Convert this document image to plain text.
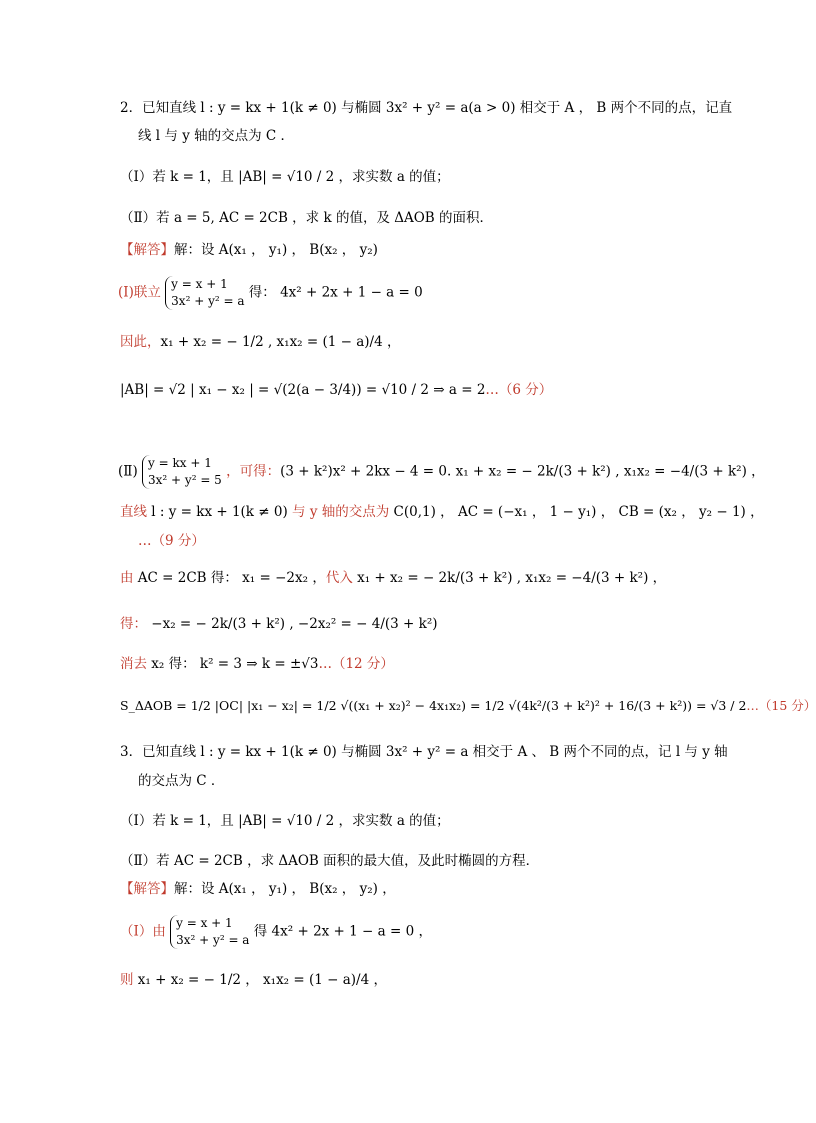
2．已知直线 l : y = kx + 1(k ≠ 0) 与椭圆 3x² + y² = a(a > 0) 相交于 A ， B 两个不同的点，记直
线 l 与 y 轴的交点为 C ．
（Ⅰ）若 k = 1，且 |AB| = √10 / 2 ，求实数 a 的值；
（Ⅱ）若 a = 5, AC = 2CB ，求 k 的值，及 ΔAOB 的面积．
【解答】解：设 A(x₁ ， y₁) ， B(x₂ ， y₂)
(Ⅰ)联立
y = x + 1
3x² + y² = a
得： 4x² + 2x + 1 − a = 0
因此，x₁ + x₂ = − 1/2 , x₁x₂ = (1 − a)/4 ，
|AB| = √2 | x₁ − x₂ | = √(2(a − 3/4)) = √10 / 2 ⇒ a = 2…（6 分）
(Ⅱ)
y = kx + 1
3x² + y² = 5
，可得：(3 + k²)x² + 2kx − 4 = 0. x₁ + x₂ = − 2k/(3 + k²) , x₁x₂ = −4/(3 + k²) ，
直线 l : y = kx + 1(k ≠ 0) 与 y 轴的交点为 C(0,1) ， AC = (−x₁ ， 1 − y₁) ， CB = (x₂ ， y₂ − 1) ，
…（9 分）
由 AC = 2CB 得： x₁ = −2x₂ ，代入 x₁ + x₂ = − 2k/(3 + k²) , x₁x₂ = −4/(3 + k²) ，
得： −x₂ = − 2k/(3 + k²) , −2x₂² = − 4/(3 + k²)
消去 x₂ 得： k² = 3 ⇒ k = ±√3…（12 分）
S_ΔAOB = 1/2 |OC| |x₁ − x₂| = 1/2 √((x₁ + x₂)² − 4x₁x₂) = 1/2 √(4k²/(3 + k²)² + 16/(3 + k²)) = √3 / 2…（15 分）
3．已知直线 l : y = kx + 1(k ≠ 0) 与椭圆 3x² + y² = a 相交于 A 、 B 两个不同的点，记 l 与 y 轴
的交点为 C ．
（Ⅰ）若 k = 1，且 |AB| = √10 / 2 ，求实数 a 的值；
（Ⅱ）若 AC = 2CB ，求 ΔAOB 面积的最大值，及此时椭圆的方程．
【解答】解：设 A(x₁ ， y₁) ， B(x₂ ， y₂) ，
（Ⅰ）由
y = x + 1
3x² + y² = a
得 4x² + 2x + 1 − a = 0 ，
则 x₁ + x₂ = − 1/2 ， x₁x₂ = (1 − a)/4 ，
